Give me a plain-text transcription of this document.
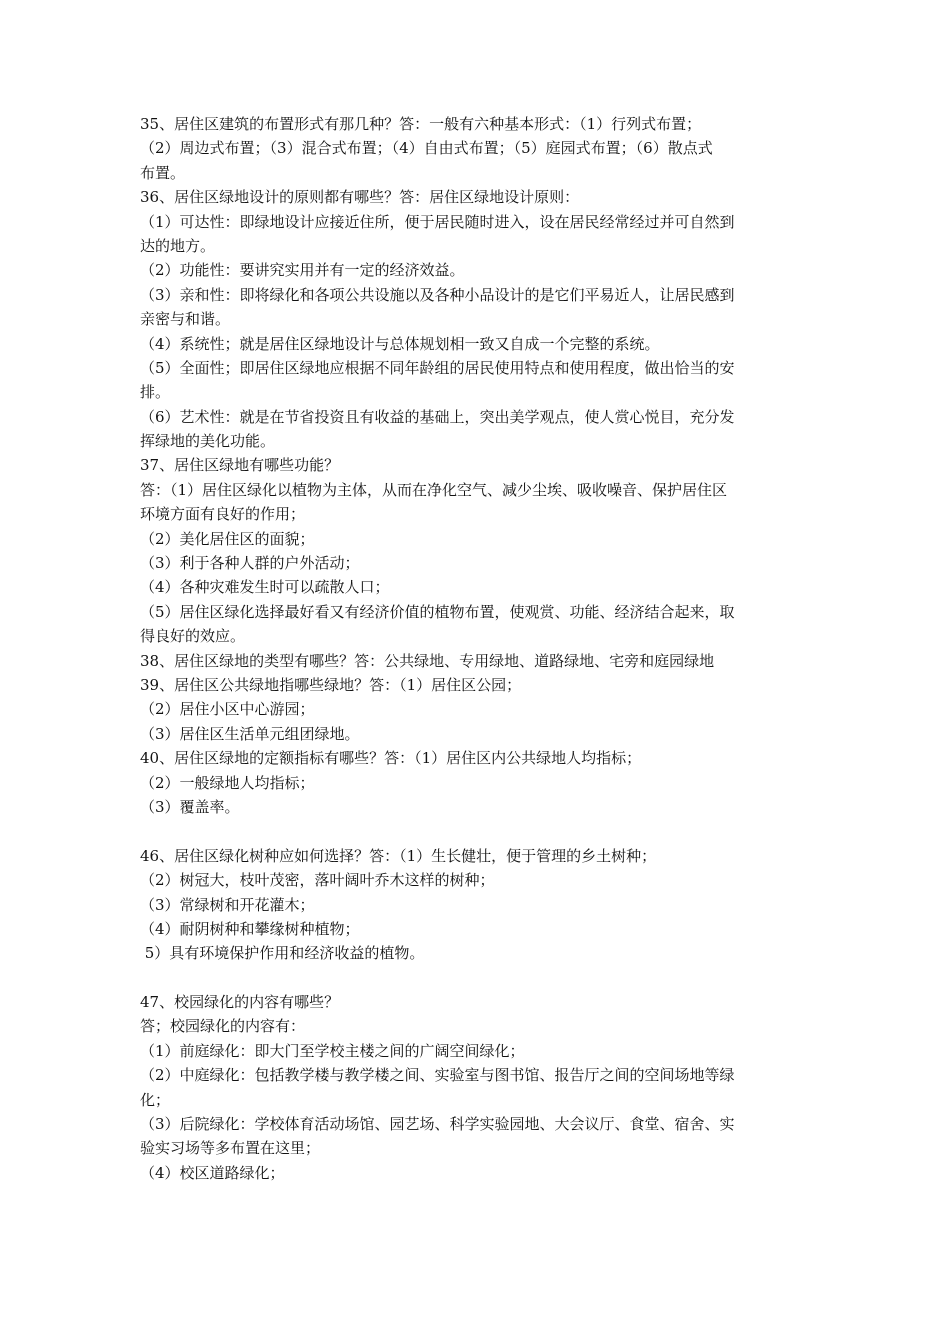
35、居住区建筑的布置形式有那几种？答：一般有六种基本形式：（1）行列式布置；
（2）周边式布置；（3）混合式布置；（4）自由式布置；（5）庭园式布置；（6）散点式
布置。
36、居住区绿地设计的原则都有哪些？答：居住区绿地设计原则：
（1）可达性：即绿地设计应接近住所，便于居民随时进入，设在居民经常经过并可自然到
达的地方。
（2）功能性：要讲究实用并有一定的经济效益。
（3）亲和性：即将绿化和各项公共设施以及各种小品设计的是它们平易近人，让居民感到
亲密与和谐。
（4）系统性；就是居住区绿地设计与总体规划相一致又自成一个完整的系统。
（5）全面性；即居住区绿地应根据不同年龄组的居民使用特点和使用程度，做出恰当的安
排。
（6）艺术性：就是在节省投资且有收益的基础上，突出美学观点，使人赏心悦目，充分发
挥绿地的美化功能。
37、居住区绿地有哪些功能？
答：（1）居住区绿化以植物为主体，从而在净化空气、减少尘埃、吸收噪音、保护居住区
环境方面有良好的作用；
（2）美化居住区的面貌；
（3）利于各种人群的户外活动；
（4）各种灾难发生时可以疏散人口；
（5）居住区绿化选择最好看又有经济价值的植物布置，使观赏、功能、经济结合起来，取
得良好的效应。
38、居住区绿地的类型有哪些？答：公共绿地、专用绿地、道路绿地、宅旁和庭园绿地
39、居住区公共绿地指哪些绿地？答：（1）居住区公园；
（2）居住小区中心游园；
（3）居住区生活单元组团绿地。
40、居住区绿地的定额指标有哪些？答：（1）居住区内公共绿地人均指标；
（2）一般绿地人均指标；
（3）覆盖率。
46、居住区绿化树种应如何选择？答：（1）生长健壮，便于管理的乡土树种；
（2）树冠大，枝叶茂密，落叶阔叶乔木这样的树种；
（3）常绿树和开花灌木；
（4）耐阴树种和攀缘树种植物；
5）具有环境保护作用和经济收益的植物。
47、校园绿化的内容有哪些？
答；校园绿化的内容有：
（1）前庭绿化：即大门至学校主楼之间的广阔空间绿化；
（2）中庭绿化：包括教学楼与教学楼之间、实验室与图书馆、报告厅之间的空间场地等绿
化；
（3）后院绿化：学校体育活动场馆、园艺场、科学实验园地、大会议厅、食堂、宿舍、实
验实习场等多布置在这里；
（4）校区道路绿化；
